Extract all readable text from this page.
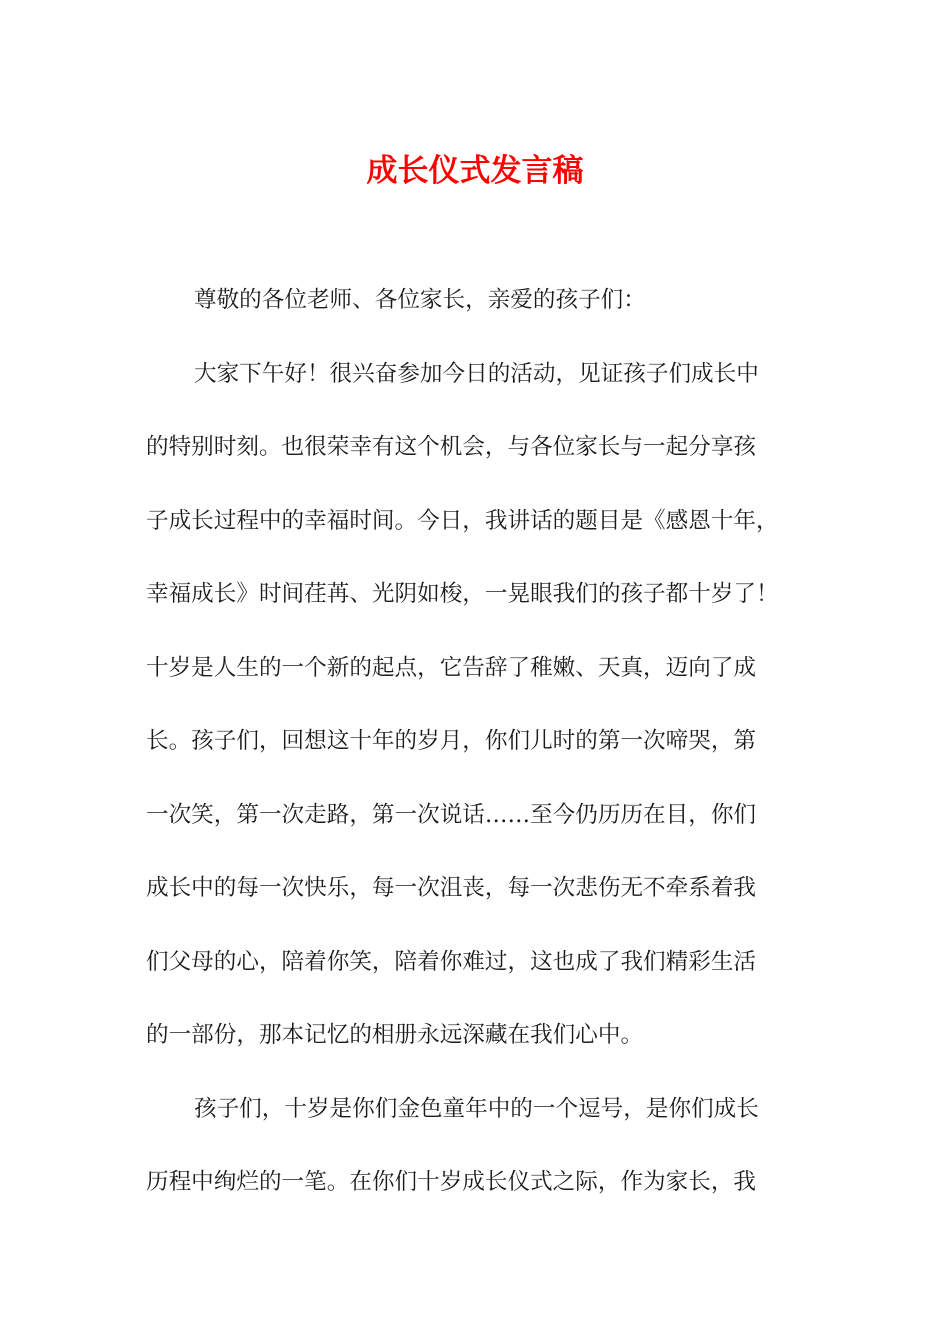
成长仪式发言稿

尊敬的各位老师、各位家长，亲爱的孩子们：

大家下午好！很兴奋参加今日的活动，见证孩子们成长中
的特别时刻。也很荣幸有这个机会，与各位家长与一起分享孩
子成长过程中的幸福时间。今日，我讲话的题目是《感恩十年，
幸福成长》时间荏苒、光阴如梭，一晃眼我们的孩子都十岁了！
十岁是人生的一个新的起点，它告辞了稚嫩、天真，迈向了成
长。孩子们，回想这十年的岁月，你们儿时的第一次啼哭，第
一次笑，第一次走路，第一次说话……至今仍历历在目，你们
成长中的每一次快乐，每一次沮丧，每一次悲伤无不牵系着我
们父母的心，陪着你笑，陪着你难过，这也成了我们精彩生活
的一部份，那本记忆的相册永远深藏在我们心中。

孩子们，十岁是你们金色童年中的一个逗号，是你们成长
历程中绚烂的一笔。在你们十岁成长仪式之际，作为家长，我
